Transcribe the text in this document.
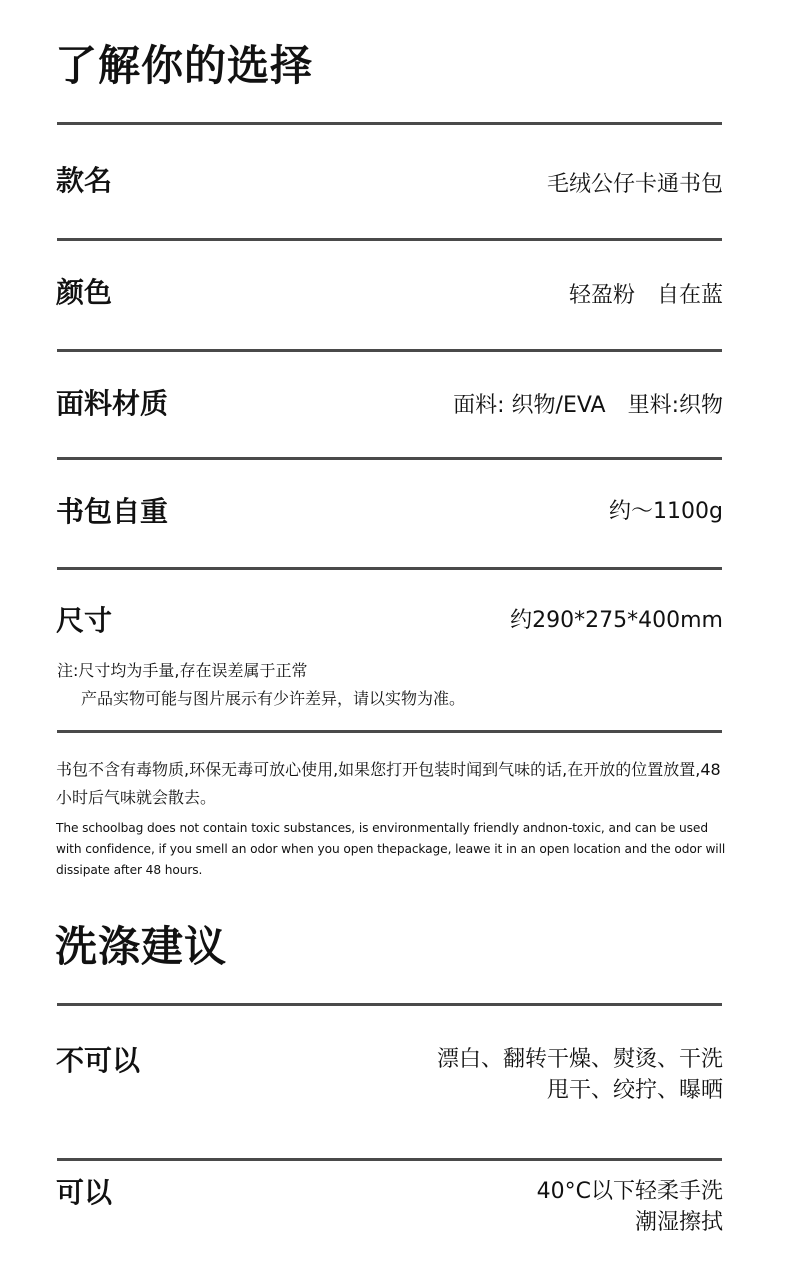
了解你的选择
款名	毛绒公仔卡通书包
颜色	轻盈粉 自在蓝
面料材质	面料: 织物/EVA 里料:织物
书包自重	约～1100g
尺寸	约290*275*400mm
注:尺寸均为手量,存在误差属于正常
产品实物可能与图片展示有少许差异，请以实物为准。
书包不含有毒物质,环保无毒可放心使用,如果您打开包装时闻到气味的话,在开放的位置放置,48小时后气味就会散去。
The schoolbag does not contain toxic substances, is environmentally friendly andnon-toxic, and can be used with confidence, if you smell an odor when you open thepackage, leawe it in an open location and the odor will dissipate after 48 hours.
洗涤建议
不可以	漂白、翻转干燥、熨烫、干洗
甩干、绞拧、曝晒
可以	40°C以下轻柔手洗
潮湿擦拭
